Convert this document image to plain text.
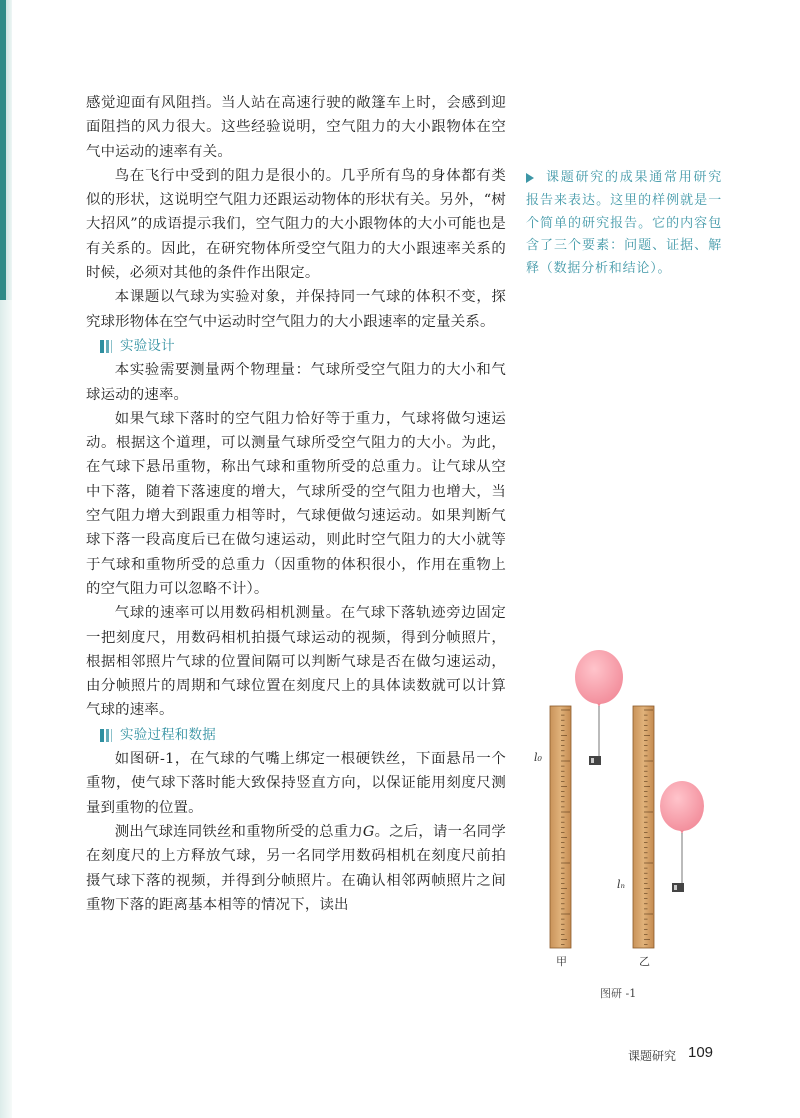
感觉迎面有风阻挡。当人站在高速行驶的敞篷车上时，会感到迎面阻挡的风力很大。这些经验说明，空气阻力的大小跟物体在空气中运动的速率有关。

鸟在飞行中受到的阻力是很小的。几乎所有鸟的身体都有类似的形状，这说明空气阻力还跟运动物体的形状有关。另外，“树大招风”的成语提示我们，空气阻力的大小跟物体的大小可能也是有关系的。因此，在研究物体所受空气阻力的大小跟速率关系的时候，必须对其他的条件作出限定。

本课题以气球为实验对象，并保持同一气球的体积不变，探究球形物体在空气中运动时空气阻力的大小跟速率的定量关系。

实验设计

本实验需要测量两个物理量：气球所受空气阻力的大小和气球运动的速率。

如果气球下落时的空气阻力恰好等于重力，气球将做匀速运动。根据这个道理，可以测量气球所受空气阻力的大小。为此，在气球下悬吊重物，称出气球和重物所受的总重力。让气球从空中下落，随着下落速度的增大，气球所受的空气阻力也增大，当空气阻力增大到跟重力相等时，气球便做匀速运动。如果判断气球下落一段高度后已在做匀速运动，则此时空气阻力的大小就等于气球和重物所受的总重力（因重物的体积很小，作用在重物上的空气阻力可以忽略不计）。

气球的速率可以用数码相机测量。在气球下落轨迹旁边固定一把刻度尺，用数码相机拍摄气球运动的视频，得到分帧照片，根据相邻照片气球的位置间隔可以判断气球是否在做匀速运动，由分帧照片的周期和气球位置在刻度尺上的具体读数就可以计算气球的速率。

实验过程和数据

如图研-1，在气球的气嘴上绑定一根硬铁丝，下面悬吊一个重物，使气球下落时能大致保持竖直方向，以保证能用刻度尺测量到重物的位置。

测出气球连同铁丝和重物所受的总重力G。之后，请一名同学在刻度尺的上方释放气球，另一名同学用数码相机在刻度尺前拍摄气球下落的视频，并得到分帧照片。在确认相邻两帧照片之间重物下落的距离基本相等的情况下，读出

课题研究的成果通常用研究报告来表达。这里的样例就是一个简单的研究报告。它的内容包含了三个要素：问题、证据、解释（数据分析和结论）。

l₀
lₙ
甲	乙
图研 -1
课题研究 109
